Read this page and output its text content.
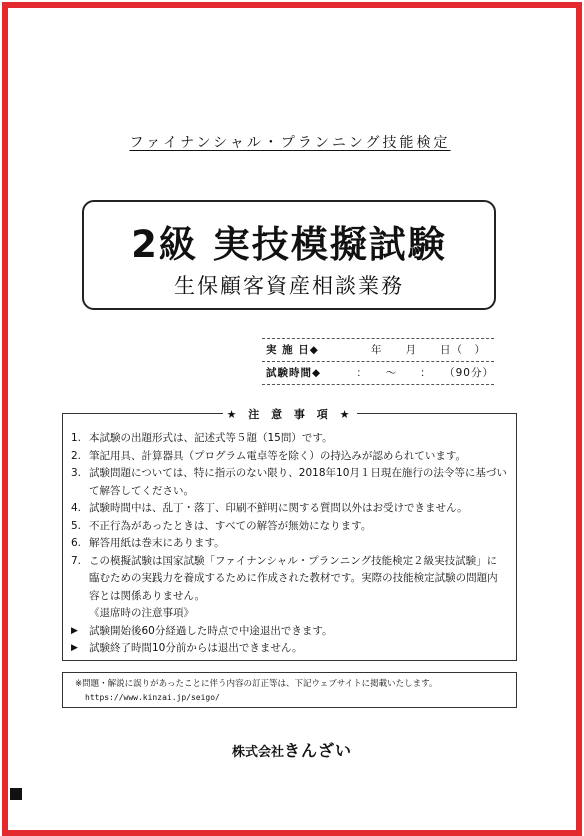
ファイナンシャル・プランニング技能検定
2級 実技模擬試験
生保顧客資産相談業務
実 施 日◆	　　年　　月　　日（　）
試験時間◆	　：　　～　　：　　（90分）
★ 注 意 事 項 ★
1. 本試験の出題形式は、記述式等５題（15問）です。
2. 筆記用具、計算器具（プログラム電卓等を除く）の持込みが認められています。
3. 試験問題については、特に指示のない限り、2018年10月１日現在施行の法令等に基づいて解答してください。
4. 試験時間中は、乱丁・落丁、印刷不鮮明に関する質問以外はお受けできません。
5. 不正行為があったときは、すべての解答が無効になります。
6. 解答用紙は巻末にあります。
7. この模擬試験は国家試験「ファイナンシャル・プランニング技能検定２級実技試験」に臨むための実践力を養成するために作成された教材です。実際の技能検定試験の問題内容とは関係ありません。
《退席時の注意事項》
▶	試験開始後60分経過した時点で中途退出できます。
▶	試験終了時間10分前からは退出できません。
※問題・解説に誤りがあったことに伴う内容の訂正等は、下記ウェブサイトに掲載いたします。
https://www.kinzai.jp/seigo/
株式会社きんざい
